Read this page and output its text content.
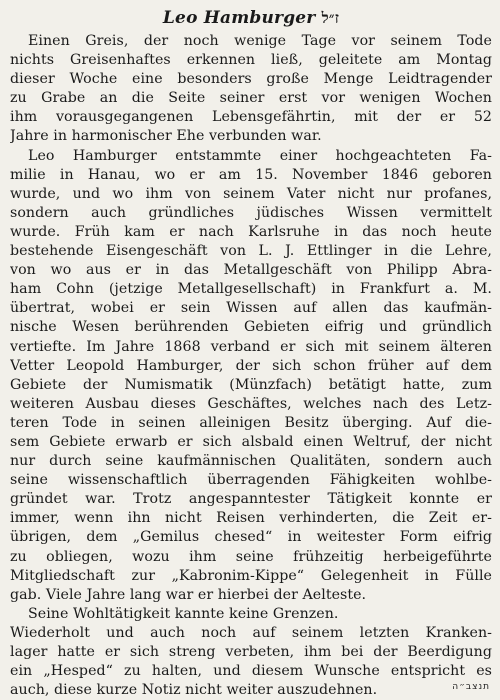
Leo Hamburger ז״ל
Einen Greis, der noch wenige Tage vor seinem Tode
nichts Greisenhaftes erkennen ließ, geleitete am Montag
dieser Woche eine besonders große Menge Leidtragender
zu Grabe an die Seite seiner erst vor wenigen Wochen
ihm vorausgegangenen Lebensgefährtin, mit der er 52
Jahre in harmonischer Ehe verbunden war.
Leo Hamburger entstammte einer hochgeachteten Fa-
milie in Hanau, wo er am 15. November 1846 geboren
wurde, und wo ihm von seinem Vater nicht nur profanes,
sondern auch gründliches jüdisches Wissen vermittelt
wurde. Früh kam er nach Karlsruhe in das noch heute
bestehende Eisengeschäft von L. J. Ettlinger in die Lehre,
von wo aus er in das Metallgeschäft von Philipp Abra-
ham Cohn (jetzige Metallgesellschaft) in Frankfurt a. M.
übertrat, wobei er sein Wissen auf allen das kaufmän-
nische Wesen berührenden Gebieten eifrig und gründlich
vertiefte. Im Jahre 1868 verband er sich mit seinem älteren
Vetter Leopold Hamburger, der sich schon früher auf dem
Gebiete der Numismatik (Münzfach) betätigt hatte, zum
weiteren Ausbau dieses Geschäftes, welches nach des Letz-
teren Tode in seinen alleinigen Besitz überging. Auf die-
sem Gebiete erwarb er sich alsbald einen Weltruf, der nicht
nur durch seine kaufmännischen Qualitäten, sondern auch
seine wissenschaftlich überragenden Fähigkeiten wohlbe-
gründet war. Trotz angespanntester Tätigkeit konnte er
immer, wenn ihn nicht Reisen verhinderten, die Zeit er-
übrigen, dem „Gemilus chesed“ in weitester Form eifrig
zu obliegen, wozu ihm seine frühzeitig herbeigeführte
Mitgliedschaft zur „Kabronim-Kippe“ Gelegenheit in Fülle
gab. Viele Jahre lang war er hierbei der Aelteste.
Seine Wohltätigkeit kannte keine Grenzen.
Wiederholt und auch noch auf seinem letzten Kranken-
lager hatte er sich streng verbeten, ihm bei der Beerdigung
ein „Hesped“ zu halten, und diesem Wunsche entspricht es
auch, diese kurze Notiz nicht weiter auszudehnen.	תנצב״ה
